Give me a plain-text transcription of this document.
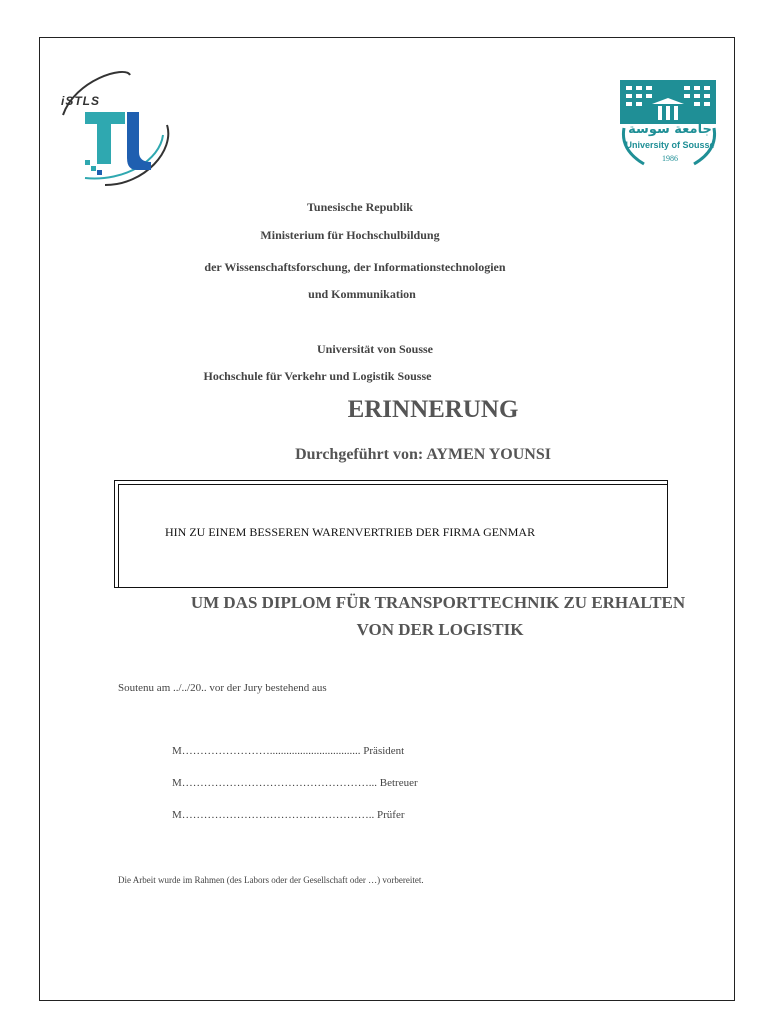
iSTLS
جامعة سوسة
University of Sousse
1986
Tunesische Republik
Ministerium für Hochschulbildung
der Wissenschaftsforschung, der Informationstechnologien
und Kommunikation
Universität von Sousse
Hochschule für Verkehr und Logistik Sousse
ERINNERUNG
Durchgeführt von: AYMEN YOUNSI
HIN ZU EINEM BESSEREN WARENVERTRIEB DER FIRMA GENMAR
UM DAS DIPLOM FÜR TRANSPORTTECHNIK ZU ERHALTEN
VON DER LOGISTIK
Soutenu am ../../20.. vor der Jury bestehend aus
M……………………................................. Präsident
M……………………………………………... Betreuer
M…………………………………………….. Prüfer
Die Arbeit wurde im Rahmen (des Labors oder der Gesellschaft oder …) vorbereitet.
